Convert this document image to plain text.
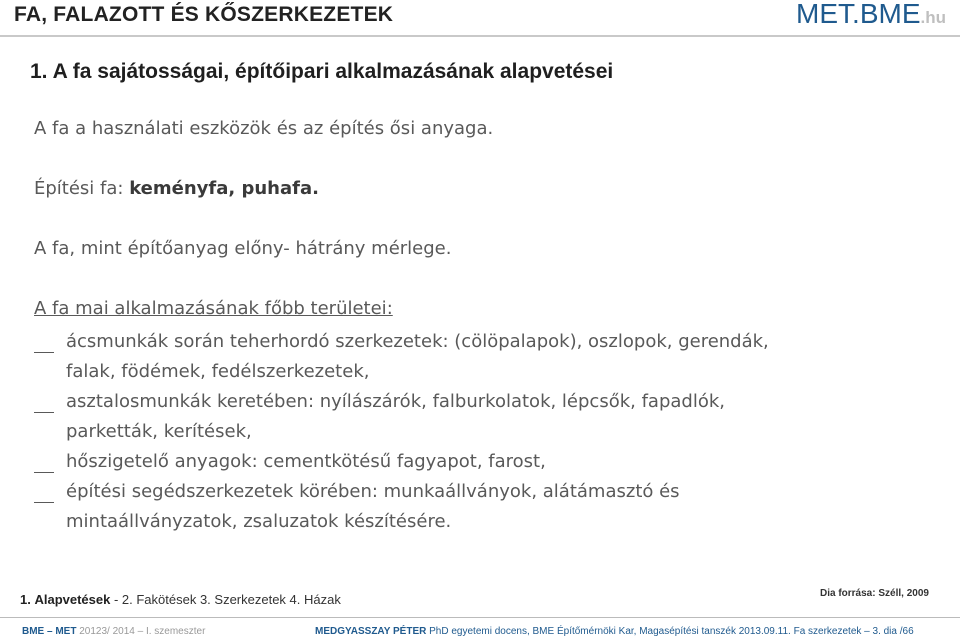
FA, FALAZOTT ÉS KŐSZERKEZETEK	MET.BME.hu
1. A fa sajátosságai, építőipari alkalmazásának alapvetései
A fa a használati eszközök és az építés ősi anyaga.
Építési fa: keményfa, puhafa.
A fa, mint építőanyag előny- hátrány mérlege.
A fa mai alkalmazásának főbb területei:
ácsmunkák során teherhordó szerkezetek: (cölöpalapok), oszlopok, gerendák,
falak, födémek, fedélszerkezetek,
asztalosmunkák keretében: nyílászárók, falburkolatok, lépcsők, fapadlók,
parketták, kerítések,
hőszigetelő anyagok: cementkötésű fagyapot, farost,
építési segédszerkezetek körében: munkaállványok, alátámasztó és
mintaállványzatok, zsaluzatok készítésére.
1. Alapvetések - 2. Fakötések 3. Szerkezetek 4. Házak	Dia forrása: Széll, 2009
BME – MET 20123/ 2014 – I. szemeszter	MEDGYASSZAY PÉTER PhD egyetemi docens, BME Építőmérnöki Kar, Magasépítési tanszék 2013.09.11. Fa szerkezetek – 3. dia /66
